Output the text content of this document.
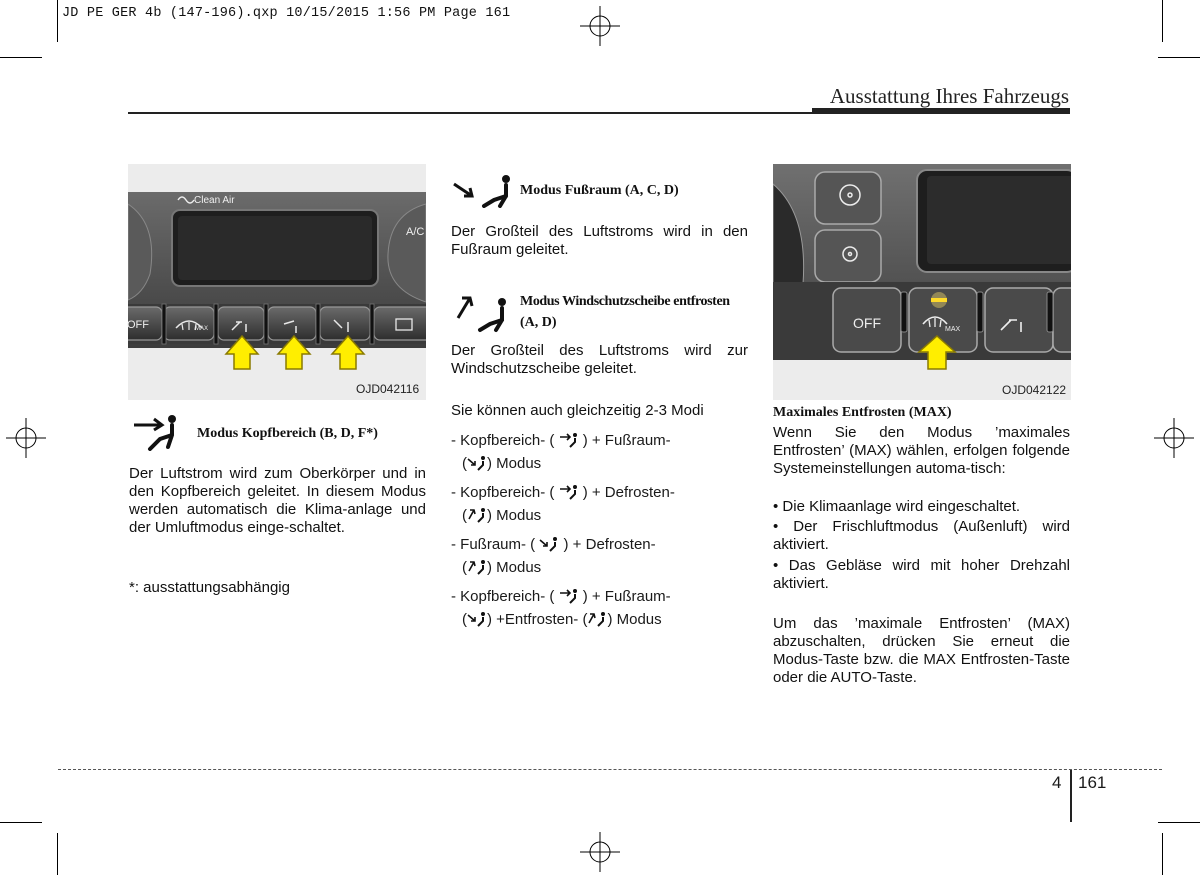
JD PE GER 4b (147-196).qxp 10/15/2015 1:56 PM Page 161
Ausstattung Ihres Fahrzeugs
Clean Air
OFF	MAX
A/C
OJD042116
OFF	MAX
OJD042122
Modus Kopfbereich (B, D, F*)
Der Luftstrom wird zum Oberkörper und in den Kopfbereich geleitet. In diesem Modus werden automatisch die Klima-anlage und der Umluftmodus einge-schaltet.
*: ausstattungsabhängig
Modus Fußraum (A, C, D)
Der Großteil des Luftstroms wird in den Fußraum geleitet.
Modus Windschutzscheibe entfrosten
(A, D)
Der Großteil des Luftstroms wird zur Windschutzscheibe geleitet.
Sie können auch gleichzeitig 2-3 Modi
- Kopfbereich- ( ) + Fußraum-
( ) Modus
- Kopfbereich- ( ) + Defrosten-
( ) Modus
- Fußraum- ( ) + Defrosten-
( ) Modus
- Kopfbereich- ( ) + Fußraum-
( ) +Entfrosten- ( ) Modus
Maximales Entfrosten (MAX)
Wenn Sie den Modus ’maximales Entfrosten’ (MAX) wählen, erfolgen folgende Systemeinstellungen automa-tisch:
• Die Klimaanlage wird eingeschaltet.
• Der Frischluftmodus (Außenluft) wird aktiviert.
• Das Gebläse wird mit hoher Drehzahl aktiviert.
Um das ’maximale Entfrosten’ (MAX) abzuschalten, drücken Sie erneut die Modus-Taste bzw. die MAX Entfrosten-Taste oder die AUTO-Taste.
4 161
